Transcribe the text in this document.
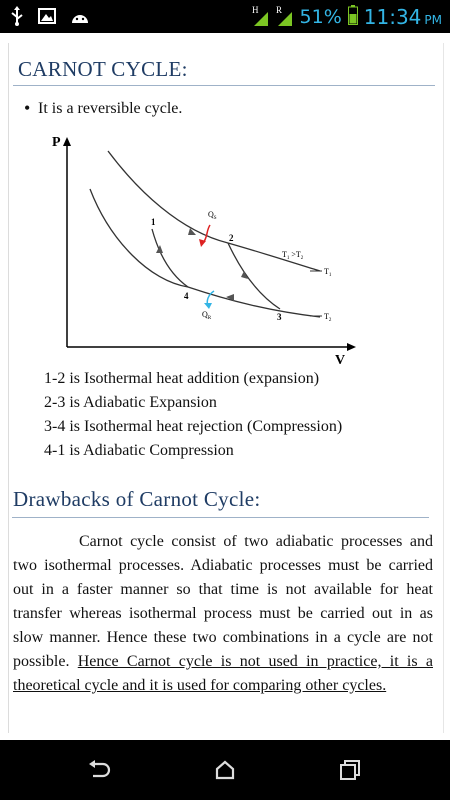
H R 51% 11:34 PM
CARNOT CYCLE:
• It is a reversible cycle.
P
V
1
2
3
4
$Q_S$
$Q_R$
$T_1 >T_2$
$T_1$
$T_2$
1-2 is Isothermal heat addition (expansion)
2-3 is Adiabatic Expansion
3-4 is Isothermal heat rejection (Compression)
4-1 is Adiabatic Compression
Drawbacks of Carnot Cycle:
Carnot cycle consist of two adiabatic processes and two isothermal processes. Adiabatic processes must be carried out in a faster manner so that time is not available for heat transfer whereas isothermal process must be carried out in as slow manner. Hence these two combinations in a cycle are not possible. Hence Carnot cycle is not used in practice, it is a theoretical cycle and it is used for comparing other cycles.
